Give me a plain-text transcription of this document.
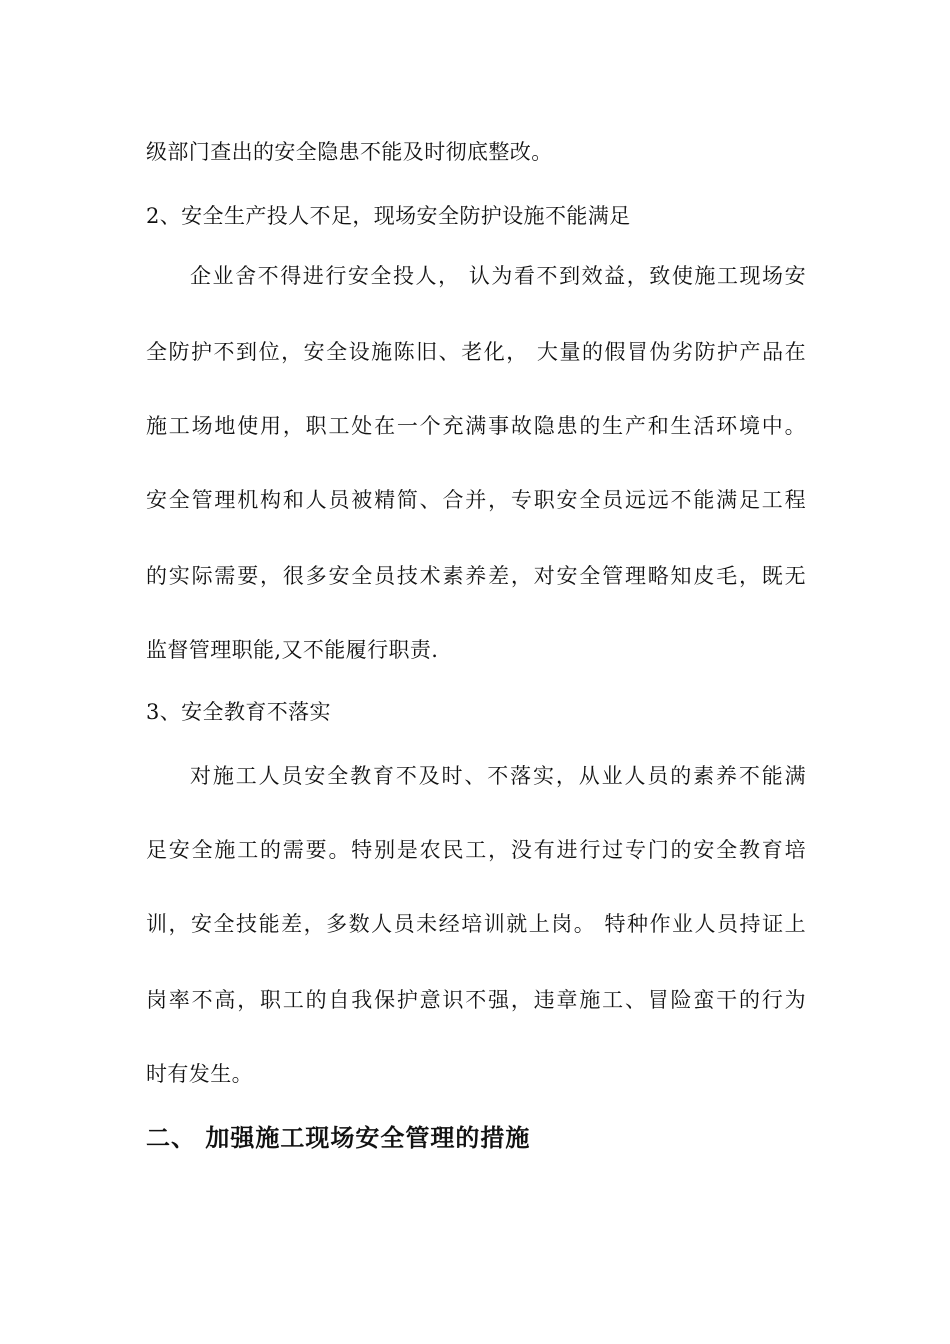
级部门查出的安全隐患不能及时彻底整改。
2、安全生产投人不足，现场安全防护设施不能满足
企业舍不得进行安全投人， 认为看不到效益，致使施工现场安
全防护不到位，安全设施陈旧、老化， 大量的假冒伪劣防护产品在
施工场地使用，职工处在一个充满事故隐患的生产和生活环境中。
安全管理机构和人员被精简、合并，专职安全员远远不能满足工程
的实际需要，很多安全员技术素养差，对安全管理略知皮毛，既无
监督管理职能,又不能履行职责.
3、安全教育不落实
对施工人员安全教育不及时、不落实，从业人员的素养不能满
足安全施工的需要。特别是农民工，没有进行过专门的安全教育培
训，安全技能差，多数人员未经培训就上岗。 特种作业人员持证上
岗率不高，职工的自我保护意识不强，违章施工、冒险蛮干的行为
时有发生。
二、 加强施工现场安全管理的措施
